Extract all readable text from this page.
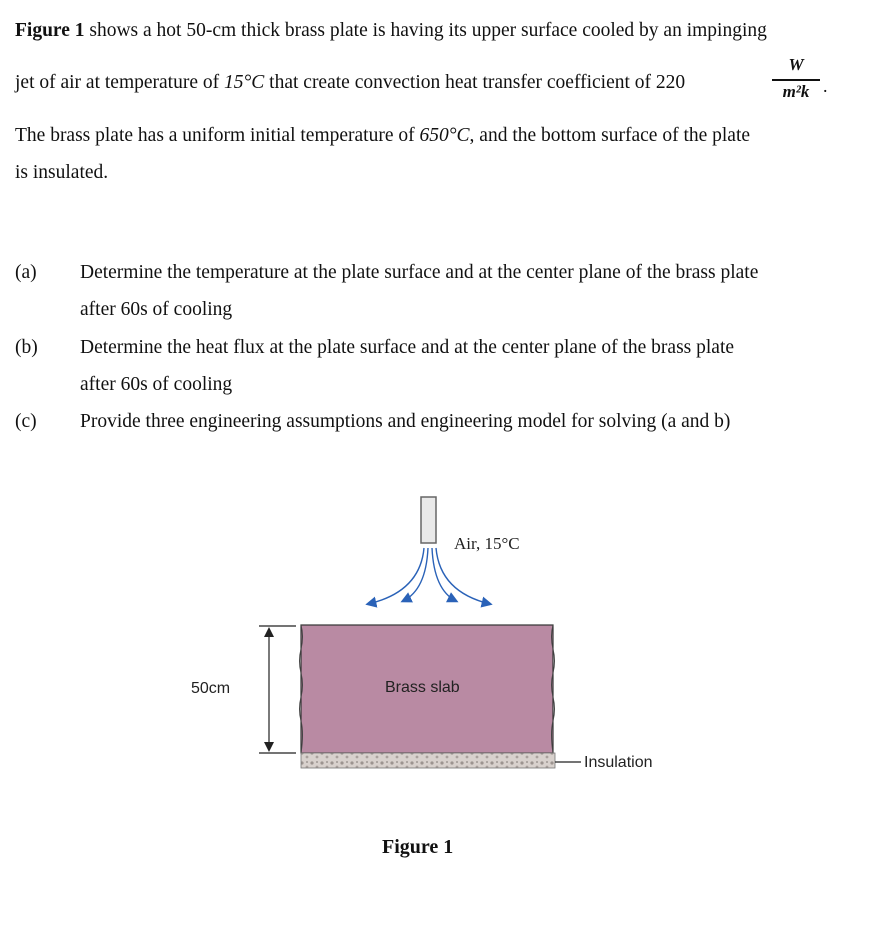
Figure 1 shows a hot 50-cm thick brass plate is having its upper surface cooled by an impinging
jet of air at temperature of 15°C that create convection heat transfer coefficient of 220
W
m²k .
The brass plate has a uniform initial temperature of 650°C, and the bottom surface of the plate
is insulated.
(a) Determine the temperature at the plate surface and at the center plane of the brass plate
after 60s of cooling
(b) Determine the heat flux at the plate surface and at the center plane of the brass plate
after 60s of cooling
(c) Provide three engineering assumptions and engineering model for solving (a and b)
Air, 15°C
Brass slab
50cm
Insulation
Figure 1
